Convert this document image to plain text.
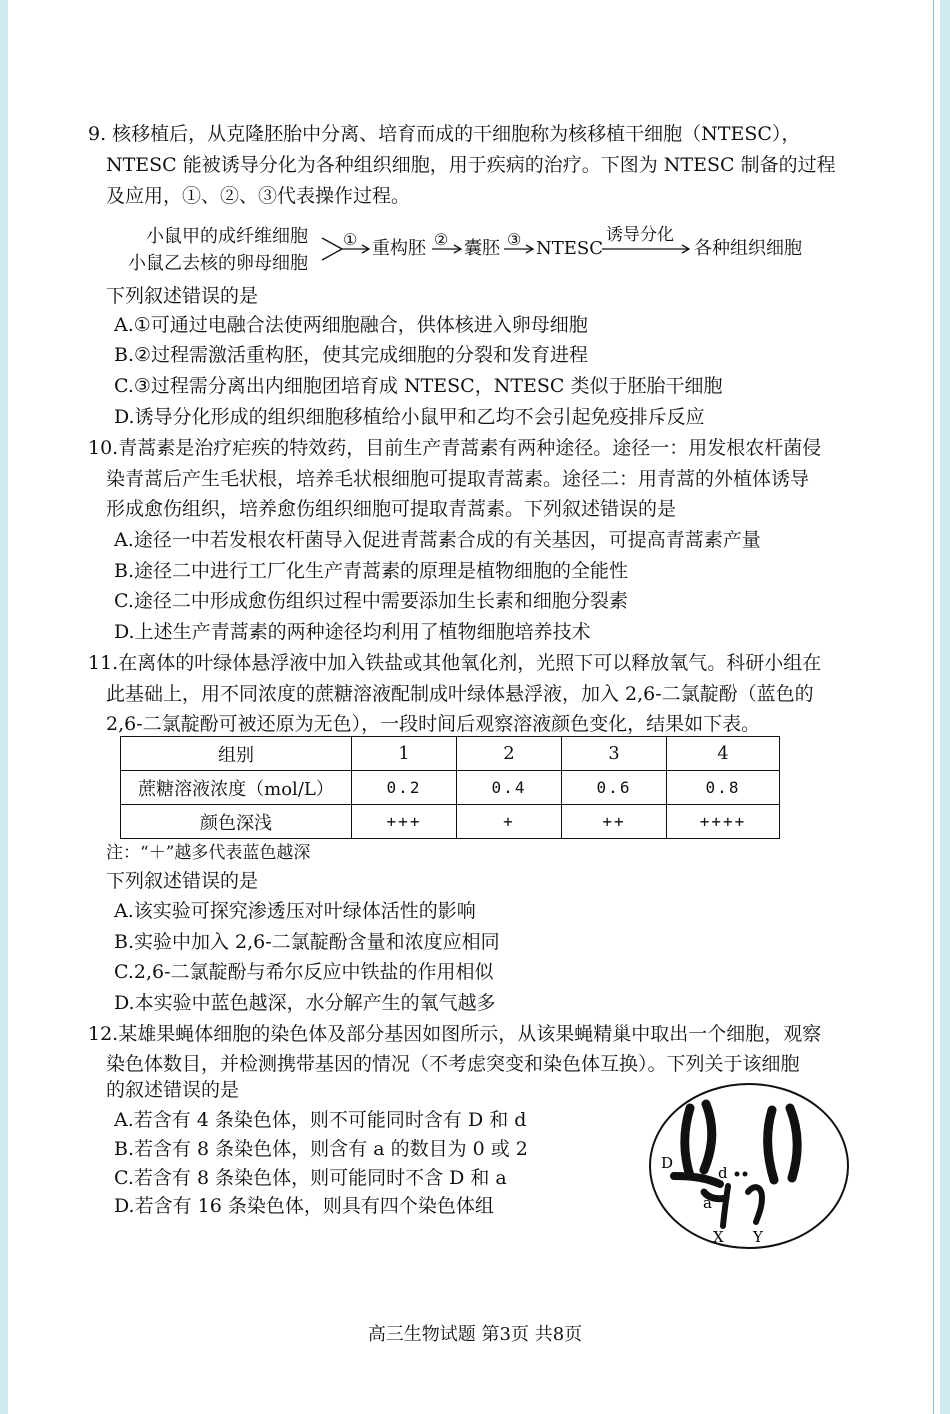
9. 核移植后，从克隆胚胎中分离、培育而成的干细胞称为核移植干细胞（NTESC），
NTESC 能被诱导分化为各种组织细胞，用于疾病的治疗。下图为 NTESC 制备的过程
及应用，①、②、③代表操作过程。
小鼠甲的成纤维细胞
小鼠乙去核的卵母细胞
① 重构胚 ② 囊胚 ③ NTESC
诱导分化
各种组织细胞
下列叙述错误的是
A.①可通过电融合法使两细胞融合，供体核进入卵母细胞
B.②过程需激活重构胚，使其完成细胞的分裂和发育进程
C.③过程需分离出内细胞团培育成 NTESC，NTESC 类似于胚胎干细胞
D.诱导分化形成的组织细胞移植给小鼠甲和乙均不会引起免疫排斥反应
10.青蒿素是治疗疟疾的特效药，目前生产青蒿素有两种途径。途径一：用发根农杆菌侵
染青蒿后产生毛状根，培养毛状根细胞可提取青蒿素。途径二：用青蒿的外植体诱导
形成愈伤组织，培养愈伤组织细胞可提取青蒿素。下列叙述错误的是
A.途径一中若发根农杆菌导入促进青蒿素合成的有关基因，可提高青蒿素产量
B.途径二中进行工厂化生产青蒿素的原理是植物细胞的全能性
C.途径二中形成愈伤组织过程中需要添加生长素和细胞分裂素
D.上述生产青蒿素的两种途径均利用了植物细胞培养技术
11.在离体的叶绿体悬浮液中加入铁盐或其他氧化剂，光照下可以释放氧气。科研小组在
此基础上，用不同浓度的蔗糖溶液配制成叶绿体悬浮液，加入 2,6-二氯靛酚（蓝色的
2,6-二氯靛酚可被还原为无色），一段时间后观察溶液颜色变化，结果如下表。
组别	1	2	3	4
蔗糖溶液浓度（mol/L）	0.2	0.4	0.6	0.8
颜色深浅	+++	+	++	++++
注：“＋”越多代表蓝色越深
下列叙述错误的是
A.该实验可探究渗透压对叶绿体活性的影响
B.实验中加入 2,6-二氯靛酚含量和浓度应相同
C.2,6-二氯靛酚与希尔反应中铁盐的作用相似
D.本实验中蓝色越深，水分解产生的氧气越多
12.某雄果蝇体细胞的染色体及部分基因如图所示，从该果蝇精巢中取出一个细胞，观察
染色体数目，并检测携带基因的情况（不考虑突变和染色体互换）。下列关于该细胞
的叙述错误的是
A.若含有 4 条染色体，则不可能同时含有 D 和 d
B.若含有 8 条染色体，则含有 a 的数目为 0 或 2
C.若含有 8 条染色体，则可能同时不含 D 和 a
D.若含有 16 条染色体，则具有四个染色体组
D
d
a
X Y
高三生物试题 第3页 共8页
